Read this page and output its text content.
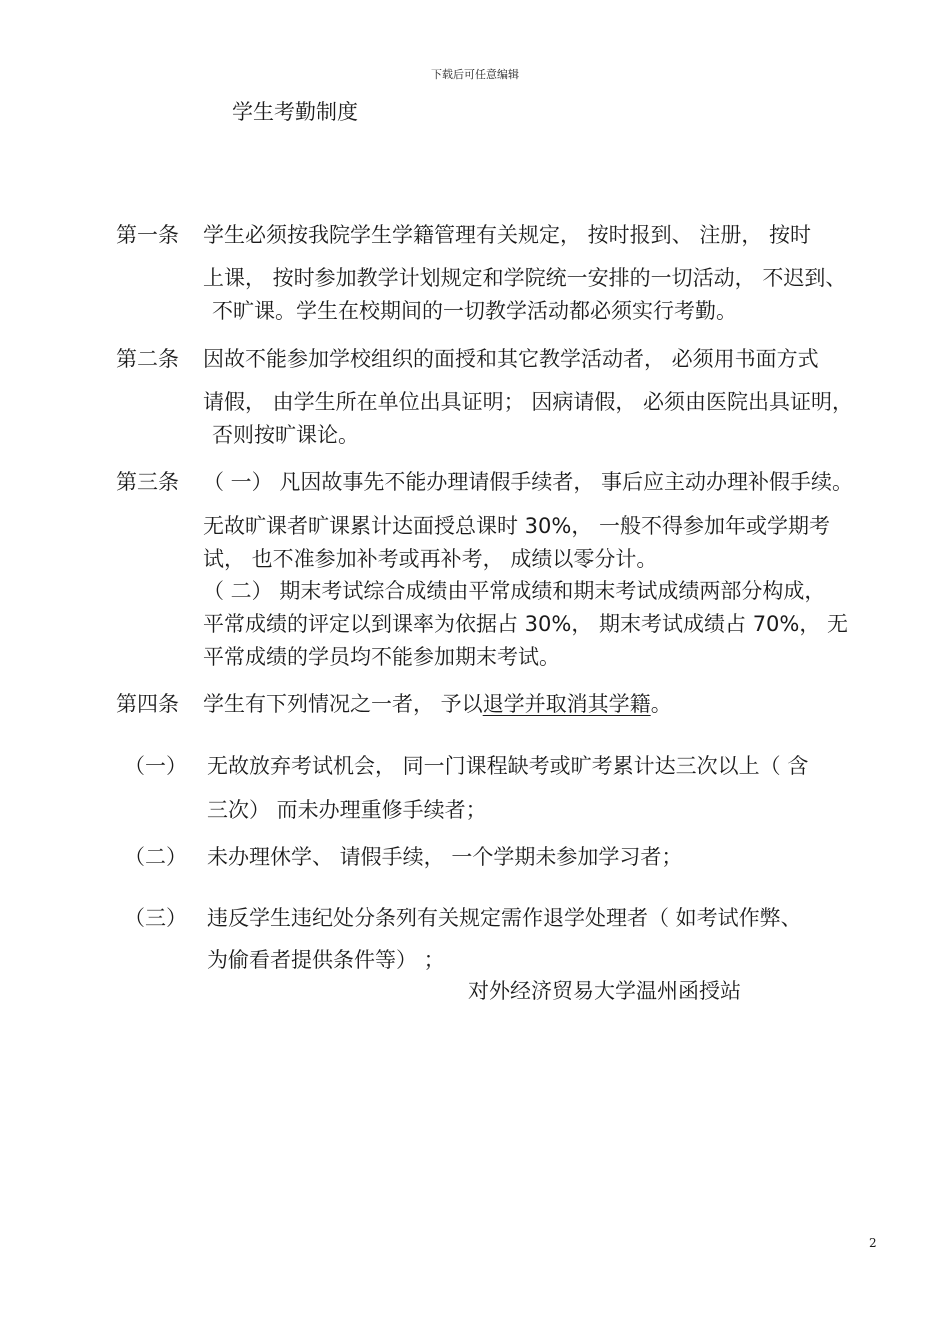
下载后可任意编辑
学生考勤制度
第一条 学生必须按我院学生学籍管理有关规定， 按时报到、 注册， 按时
上课， 按时参加教学计划规定和学院统一安排的一切活动， 不迟到、
不旷课。学生在校期间的一切教学活动都必须实行考勤。
第二条 因故不能参加学校组织的面授和其它教学活动者， 必须用书面方式
请假， 由学生所在单位出具证明； 因病请假， 必须由医院出具证明，
否则按旷课论。
第三条 （ 一） 凡因故事先不能办理请假手续者， 事后应主动办理补假手续。
无故旷课者旷课累计达面授总课时 30%， 一般不得参加年或学期考
试， 也不准参加补考或再补考， 成绩以零分计。
（ 二） 期末考试综合成绩由平常成绩和期末考试成绩两部分构成，
平常成绩的评定以到课率为依据占 30%， 期末考试成绩占 70%， 无
平常成绩的学员均不能参加期末考试。
第四条 学生有下列情况之一者， 予以退学并取消其学籍。
（一） 无故放弃考试机会， 同一门课程缺考或旷考累计达三次以上（ 含
三次） 而未办理重修手续者；
（二） 未办理休学、 请假手续， 一个学期未参加学习者；
（三） 违反学生违纪处分条列有关规定需作退学处理者（ 如考试作弊、
为偷看者提供条件等） ；
对外经济贸易大学温州函授站
2
